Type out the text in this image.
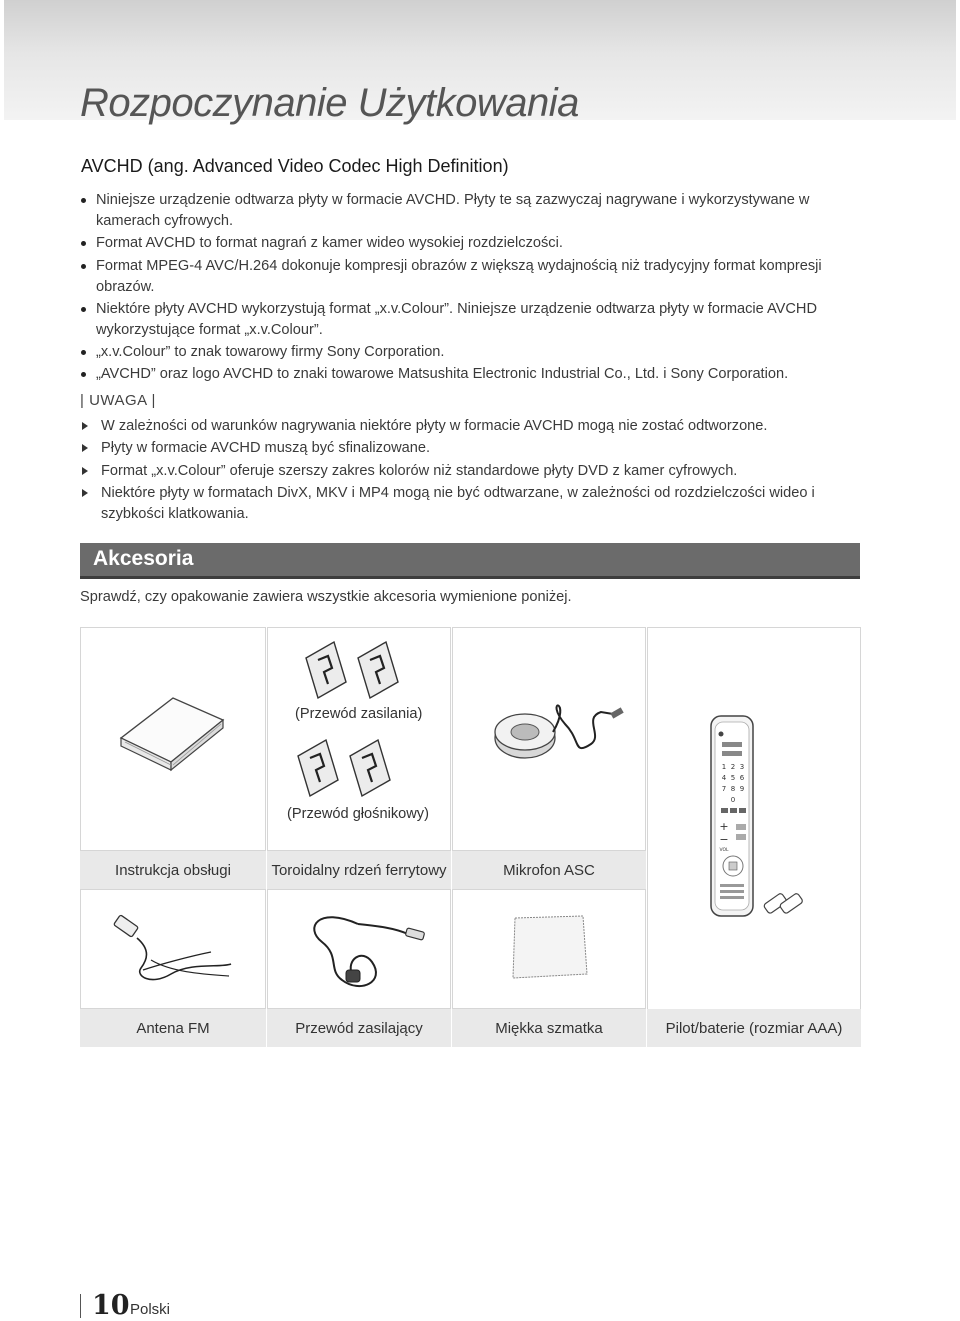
Rozpoczynanie Użytkowania
AVCHD (ang. Advanced Video Codec High Definition)
Niniejsze urządzenie odtwarza płyty w formacie AVCHD. Płyty te są zazwyczaj nagrywane i wykorzystywane w kamerach cyfrowych.
Format AVCHD to format nagrań z kamer wideo wysokiej rozdzielczości.
Format MPEG-4 AVC/H.264 dokonuje kompresji obrazów z większą wydajnością niż tradycyjny format kompresji obrazów.
Niektóre płyty AVCHD wykorzystują format „x.v.Colour”. Niniejsze urządzenie odtwarza płyty w formacie AVCHD wykorzystujące format „x.v.Colour”.
„x.v.Colour” to znak towarowy firmy Sony Corporation.
„AVCHD” oraz logo AVCHD to znaki towarowe Matsushita Electronic Industrial Co., Ltd. i Sony Corporation.
| UWAGA |
W zależności od warunków nagrywania niektóre płyty w formacie AVCHD mogą nie zostać odtworzone.
Płyty w formacie AVCHD muszą być sfinalizowane.
Format „x.v.Colour” oferuje szerszy zakres kolorów niż standardowe płyty DVD z kamer cyfrowych.
Niektóre płyty w formatach DivX, MKV i MP4 mogą nie być odtwarzane, w zależności od rozdzielczości wideo i szybkości klatkowania.
Akcesoria
Sprawdź, czy opakowanie zawiera wszystkie akcesoria wymienione poniżej.
1 2 3
4 5 6
7 8 9
0
+
−
VOL
Instrukcja obsługi	Toroidalny rdzeń ferrytowy	Mikrofon ASC
Antena FM	Przewód zasilający	Miękka szmatka	Pilot/baterie (rozmiar AAA)
(Przewód zasilania)
(Przewód głośnikowy)
10 Polski
